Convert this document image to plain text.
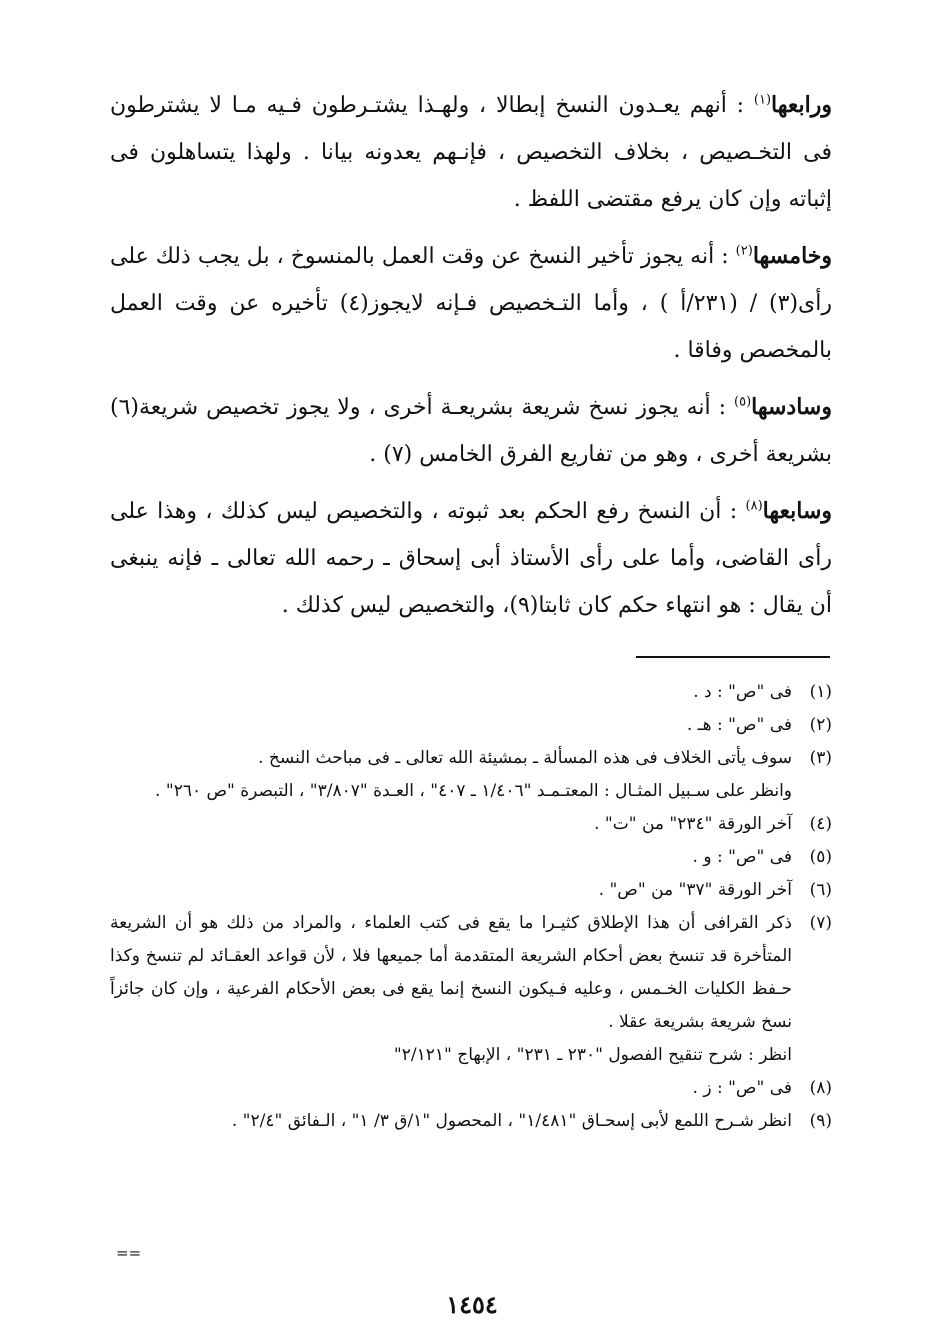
ورابعها$^{(١)}$ : أنهم يعـدون النسخ إبطالا ، ولهـذا يشتـرطون فـيه مـا لا يشترطون فى التخـصيص ، بخلاف التخصيص ، فإنـهم يعدونه بيانا . ولهذا يتساهلون فى إثباته وإن كان يرفع مقتضى اللفظ .

وخامسها$^{(٢)}$ : أنه يجوز تأخير النسخ عن وقت العمل بالمنسوخ ، بل يجب ذلك على رأى(٣) / (٢٣١/أ ) ، وأما التـخصيص فـإنه لايجوز(٤) تأخيره عن وقت العمل بالمخصص وفاقا .

وسادسها$^{(٥)}$ : أنه يجوز نسخ شريعة بشريعـة أخرى ، ولا يجوز تخصيص شريعة(٦) بشريعة أخرى ، وهو من تفاريع الفرق الخامس (٧) .

وسابعها$^{(٨)}$ : أن النسخ رفع الحكم بعد ثبوته ، والتخصيص ليس كذلك ، وهذا على رأى القاضى، وأما على رأى الأستاذ أبى إسحاق ـ رحمه الله تعالى ـ فإنه ينبغى أن يقال : هو انتهاء حكم كان ثابتا(٩)، والتخصيص ليس كذلك .

(١)
فى "ص" : د .
(٢)
فى "ص" : هـ .
(٣)
سوف يأتى الخلاف فى هذه المسألة ـ بمشيئة الله تعالى ـ فى مباحث النسخ .
وانظر على سـبيل المثـال : المعتـمـد "١/٤٠٦ ـ ٤٠٧" ، العـدة "٣/٨٠٧" ، التبصرة "ص ٢٦٠" .
(٤)
آخر الورقة "٢٣٤" من "ت" .
(٥)
فى "ص" : و .
(٦)
آخر الورقة "٣٧" من "ص" .
(٧)
ذكر القرافى أن هذا الإطلاق كثيـرا ما يقع فى كتب العلماء ، والمراد من ذلك هو أن الشريعة المتأخرة قد تنسخ بعض أحكام الشريعة المتقدمة أما جميعها فلا ، لأن قواعد العقـائد لم تنسخ وكذا حـفظ الكليات الخـمس ، وعليه فـيكون النسخ إنما يقع فى بعض الأحكام الفرعية ، وإن كان جائزاً نسخ شريعة بشريعة عقلا .
انظر : شرح تنقيح الفصول "٢٣٠ ـ ٢٣١" ، الإبهاج "٢/١٢١"
(٨)
فى "ص" : ز .
(٩)
انظر شـرح اللمع لأبى إسحـاق "١/٤٨١" ، المحصول "١/ق ٣/ ١" ، الـفائق "٢/٤" .
==
١٤٥٤
